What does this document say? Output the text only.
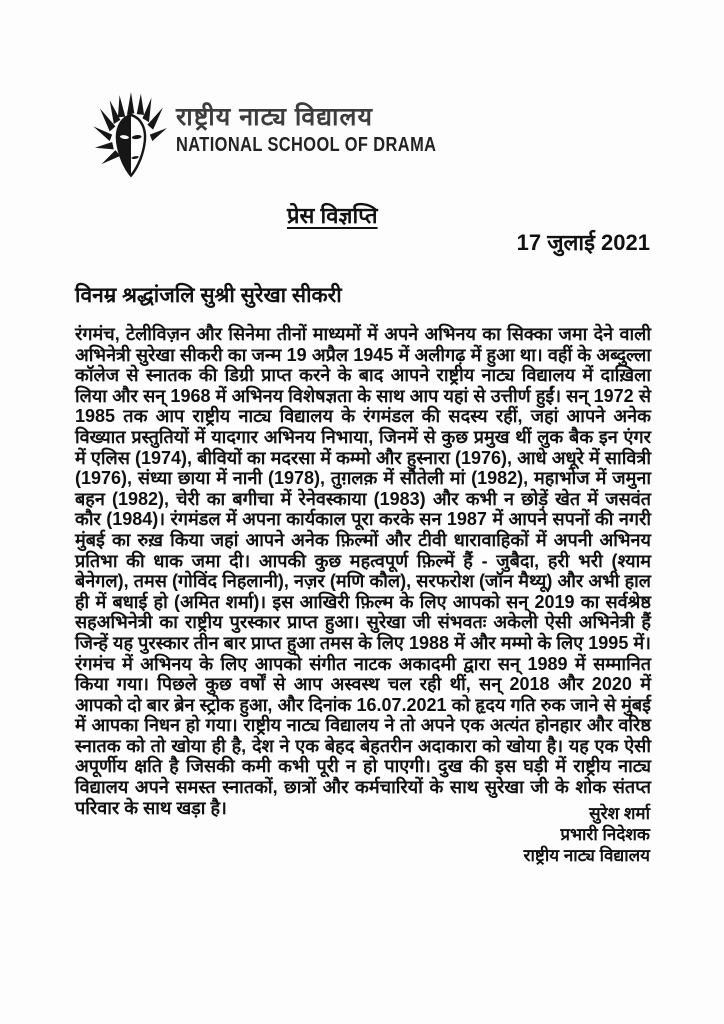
राष्ट्रीय नाट्य विद्यालय
NATIONAL SCHOOL OF DRAMA
प्रेस विज्ञप्ति
17 जुलाई 2021
विनम्र श्रद्धांजलि सुश्री सुरेखा सीकरी
रंगमंच, टेलीविज़न और सिनेमा तीनों माध्यमों में अपने अभिनय का सिक्का जमा देने वाली अभिनेत्री सुरेखा सीकरी का जन्म 19 अप्रैल 1945 में अलीगढ़ में हुआ था। वहीं के अब्दुल्ला कॉलेज से स्नातक की डिग्री प्राप्त करने के बाद आपने राष्ट्रीय नाट्य विद्यालय में दाख़िला लिया और सन् 1968 में अभिनय विशेषज्ञता के साथ आप यहां से उत्तीर्ण हुईं। सन् 1972 से 1985 तक आप राष्ट्रीय नाट्य विद्यालय के रंगमंडल की सदस्य रहीं, जहां आपने अनेक विख्यात प्रस्तुतियों में यादगार अभिनय निभाया, जिनमें से कुछ प्रमुख थीं लुक बैक इन एंगर में एलिस (1974), बीवियों का मदरसा में कम्मो और हुस्नारा (1976), आधे अधूरे में सावित्री (1976), संध्या छाया में नानी (1978), तुग़लक़ में सौतेली मां (1982), महाभोज में जमुना बहन (1982), चेरी का बगीचा में रेनेवस्काया (1983) और कभी न छोड़ें खेत में जसवंत कौर (1984)। रंगमंडल में अपना कार्यकाल पूरा करके सन 1987 में आपने सपनों की नगरी मुंबई का रुख़ किया जहां आपने अनेक फ़िल्मों और टीवी धारावाहिकों में अपनी अभिनय प्रतिभा की धाक जमा दी। आपकी कुछ महत्वपूर्ण फ़िल्में हैं - जुबैदा, हरी भरी (श्याम बेनेगल), तमस (गोविंद निहलानी), नज़र (मणि कौल), सरफरोश (जॉन मैथ्यू) और अभी हाल ही में बधाई हो (अमित शर्मा)। इस आखिरी फ़िल्म के लिए आपको सन् 2019 का सर्वश्रेष्ठ सहअभिनेत्री का राष्ट्रीय पुरस्कार प्राप्त हुआ। सुरेखा जी संभवतः अकेली ऐसी अभिनेत्री हैं जिन्हें यह पुरस्कार तीन बार प्राप्त हुआ तमस के लिए 1988 में और मम्मो के लिए 1995 में। रंगमंच में अभिनय के लिए आपको संगीत नाटक अकादमी द्वारा सन् 1989 में सम्मानित किया गया। पिछले कुछ वर्षों से आप अस्वस्थ चल रही थीं, सन् 2018 और 2020 में आपको दो बार ब्रेन स्ट्रोक हुआ, और दिनांक 16.07.2021 को हृदय गति रुक जाने से मुंबई में आपका निधन हो गया। राष्ट्रीय नाट्य विद्यालय ने तो अपने एक अत्यंत होनहार और वरिष्ठ स्नातक को तो खोया ही है, देश ने एक बेहद बेहतरीन अदाकारा को खोया है। यह एक ऐसी अपूर्णीय क्षति है जिसकी कमी कभी पूरी न हो पाएगी। दुख की इस घड़ी में राष्ट्रीय नाट्य विद्यालय अपने समस्त स्नातकों, छात्रों और कर्मचारियों के साथ सुरेखा जी के शोक संतप्त परिवार के साथ खड़ा है।	सुरेश शर्मा
प्रभारी निदेशक
राष्ट्रीय नाट्य विद्यालय
